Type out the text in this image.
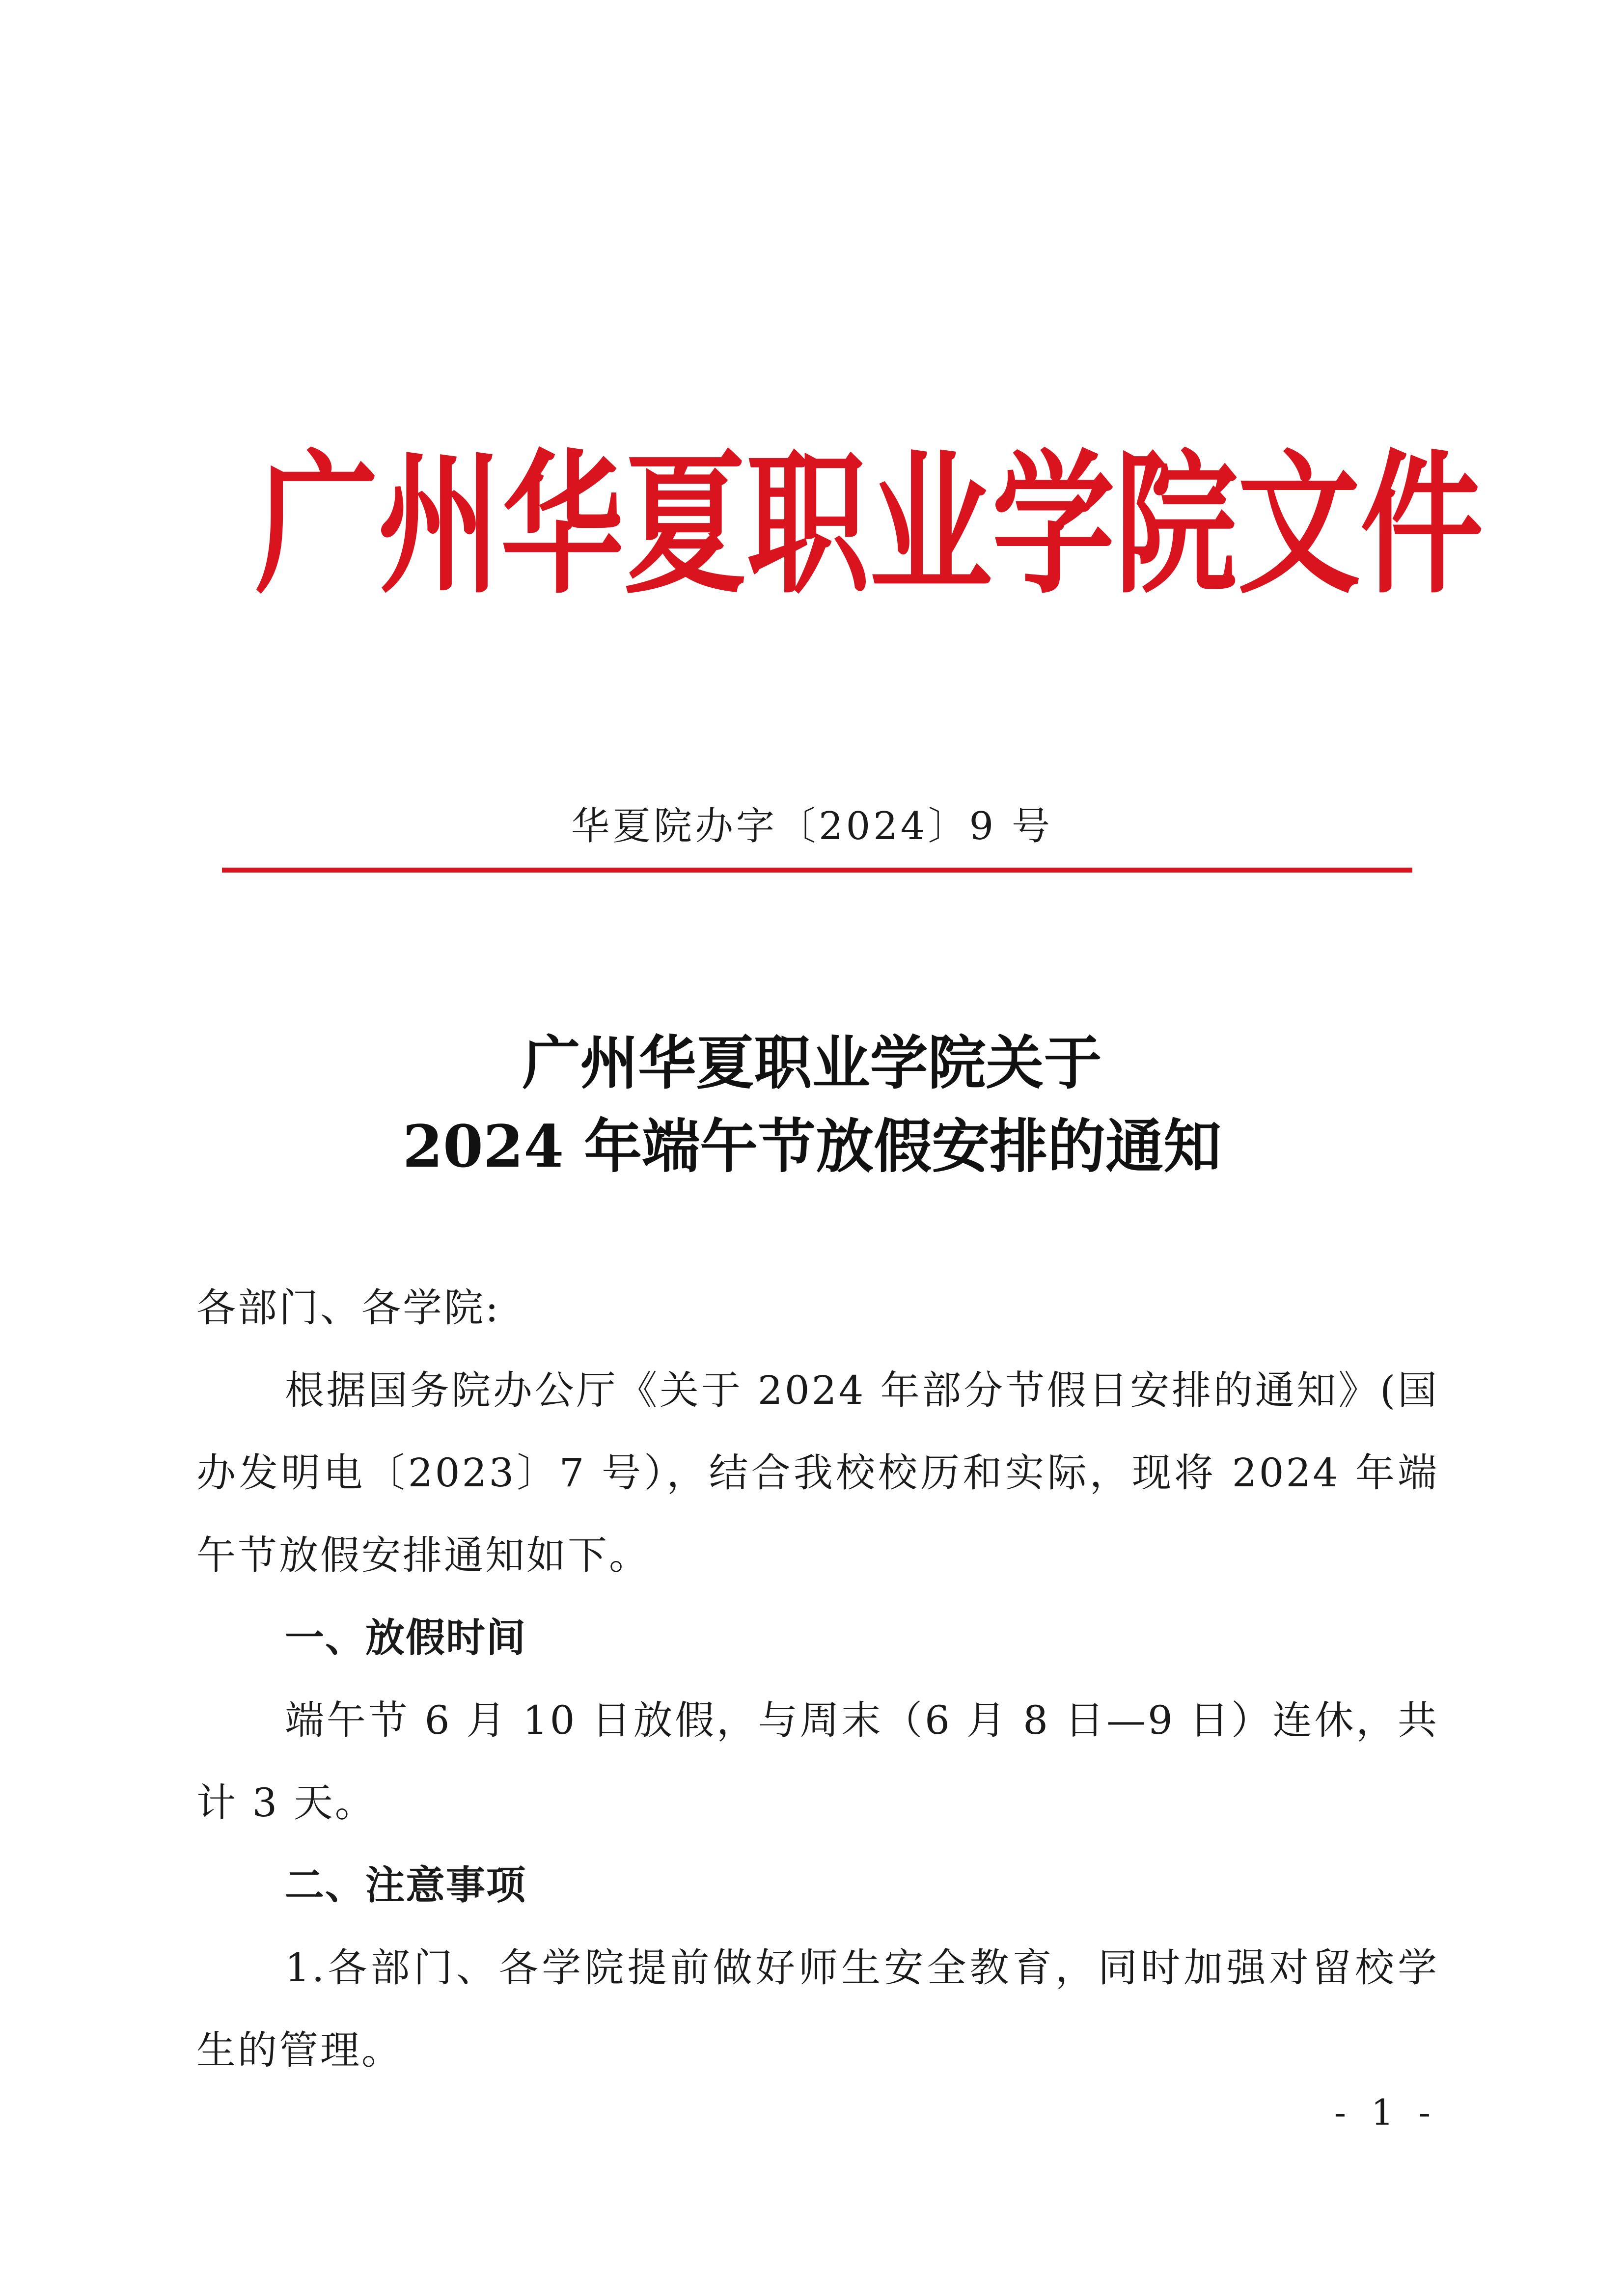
广 州 华 夏 职 业 学 院 文 件
华夏院办字〔2024〕9 号
广州华夏职业学院关于
2024 年端午节放假安排的通知
各部门、各学院:

根据国务院办公厅《关于 2024 年部分节假日安排的通知》(国办发明电〔2023〕7 号），结合我校校历和实际，现将 2024 年端午节放假安排通知如下。

一、放假时间

端午节 6 月 10 日放假，与周末（6 月 8 日—9 日）连休，共计 3 天。

二、注意事项

1.各部门、各学院提前做好师生安全教育，同时加强对留校学生的管理。

- 1 -
